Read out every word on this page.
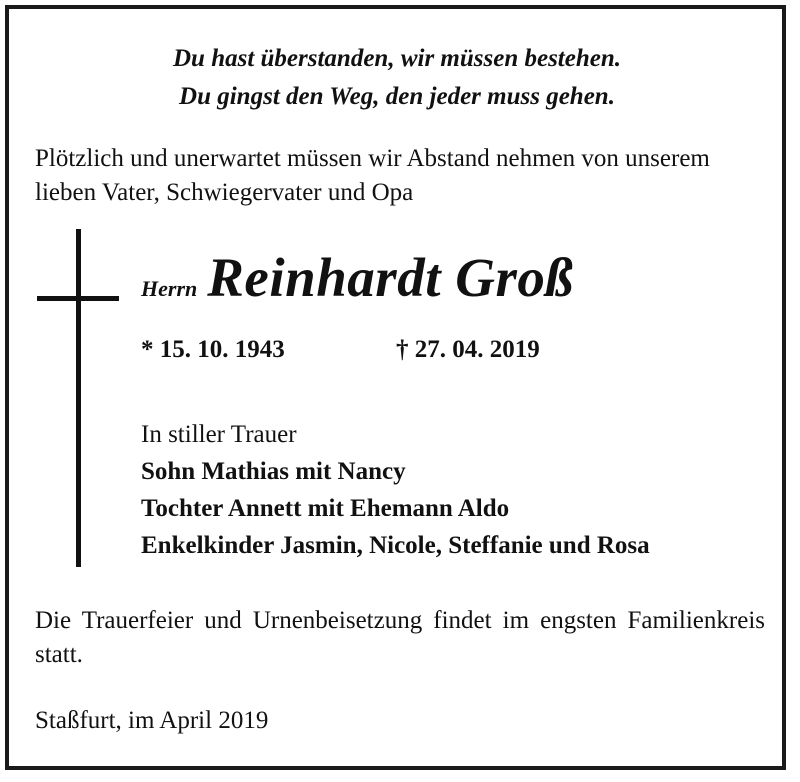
Du hast überstanden, wir müssen bestehen.
Du gingst den Weg, den jeder muss gehen.
Plötzlich und unerwartet müssen wir Abstand nehmen von unserem lieben Vater, Schwiegervater und Opa
Herrn Reinhardt Groß
* 15. 10. 1943	† 27. 04. 2019
In stiller Trauer
Sohn Mathias mit Nancy
Tochter Annett mit Ehemann Aldo
Enkelkinder Jasmin, Nicole, Steffanie und Rosa
Die Trauerfeier und Urnenbeisetzung findet im engsten Familienkreis statt.
Staßfurt, im April 2019
